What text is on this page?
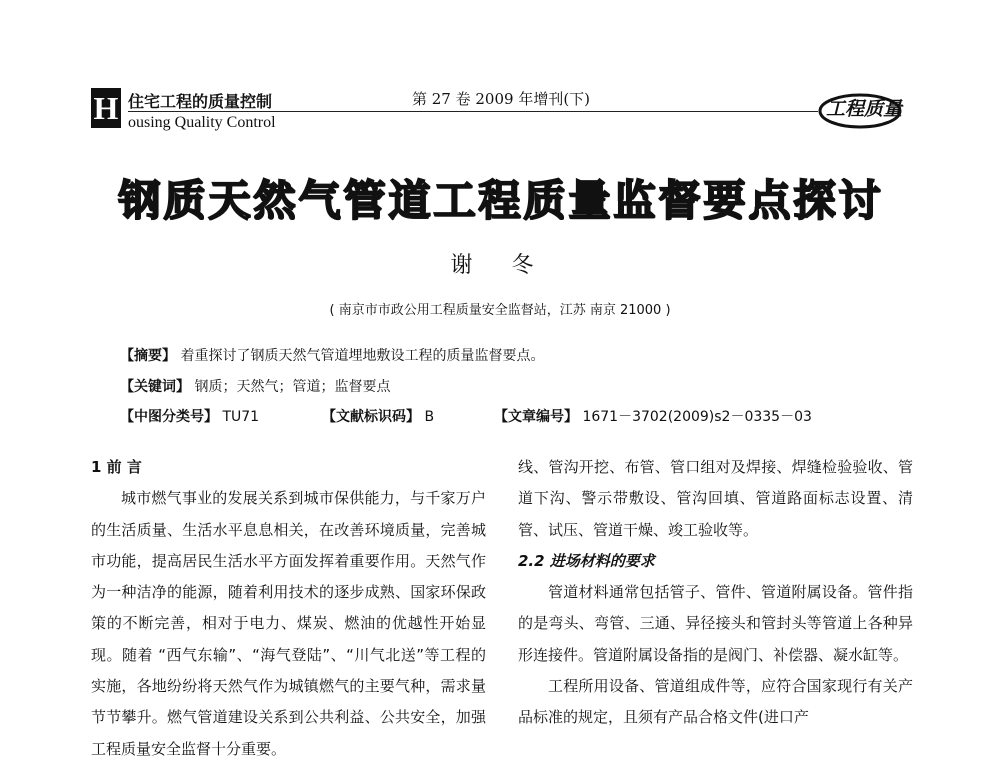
H 住宅工程的质量控制
ousing Quality Control
第 27 卷 2009 年增刊(下)	工程质量
钢质天然气管道工程质量监督要点探讨
谢 冬
( 南京市市政公用工程质量安全监督站，江苏 南京 21000 )
【摘要】 着重探讨了钢质天然气管道埋地敷设工程的质量监督要点。
【关键词】 钢质；天然气；管道；监督要点
【中图分类号】 TU71	【文献标识码】 B	【文章编号】 1671－3702(2009)s2－0335－03

1 前 言

城市燃气事业的发展关系到城市保供能力，与千家万户的生活质量、生活水平息息相关，在改善环境质量，完善城市功能，提高居民生活水平方面发挥着重要作用。天然气作为一种洁净的能源，随着利用技术的逐步成熟、国家环保政策的不断完善，相对于电力、煤炭、燃油的优越性开始显现。随着 “西气东输”、“海气登陆”、“川气北送”等工程的实施，各地纷纷将天然气作为城镇燃气的主要气种，需求量节节攀升。燃气管道建设关系到公共利益、公共安全，加强工程质量安全监督十分重要。

线、管沟开挖、布管、管口组对及焊接、焊缝检验验收、管道下沟、警示带敷设、管沟回填、管道路面标志设置、清管、试压、管道干燥、竣工验收等。

2.2 进场材料的要求

管道材料通常包括管子、管件、管道附属设备。管件指的是弯头、弯管、三通、异径接头和管封头等管道上各种异形连接件。管道附属设备指的是阀门、补偿器、凝水缸等。

工程所用设备、管道组成件等，应符合国家现行有关产品标准的规定，且须有产品合格文件(进口产
